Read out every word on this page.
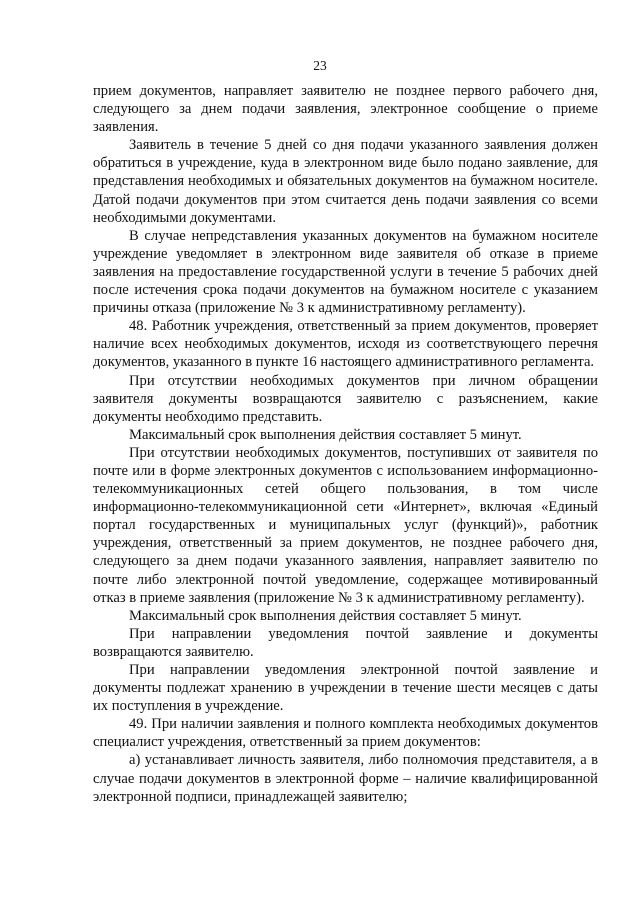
23

прием документов, направляет заявителю не позднее первого рабочего дня, следующего за днем подачи заявления, электронное сообщение о приеме заявления.

Заявитель в течение 5 дней со дня подачи указанного заявления должен обратиться в учреждение, куда в электронном виде было подано заявление, для представления необходимых и обязательных документов на бумажном носителе. Датой подачи документов при этом считается день подачи заявления со всеми необходимыми документами.

В случае непредставления указанных документов на бумажном носителе учреждение уведомляет в электронном виде заявителя об отказе в приеме заявления на предоставление государственной услуги в течение 5 рабочих дней после истечения срока подачи документов на бумажном носителе с указанием причины отказа (приложение № 3 к административному регламенту).

48. Работник учреждения, ответственный за прием документов, проверяет наличие всех необходимых документов, исходя из соответствующего перечня документов, указанного в пункте 16 настоящего административного регламента.

При отсутствии необходимых документов при личном обращении заявителя документы возвращаются заявителю с разъяснением, какие документы необходимо представить.

Максимальный срок выполнения действия составляет 5 минут.

При отсутствии необходимых документов, поступивших от заявителя по почте или в форме электронных документов с использованием информационно-телекоммуникационных сетей общего пользования, в том числе информационно-телекоммуникационной сети «Интернет», включая «Единый портал государственных и муниципальных услуг (функций)», работник учреждения, ответственный за прием документов, не позднее рабочего дня, следующего за днем подачи указанного заявления, направляет заявителю по почте либо электронной почтой уведомление, содержащее мотивированный отказ в приеме заявления (приложение № 3 к административному регламенту).

Максимальный срок выполнения действия составляет 5 минут.

При направлении уведомления почтой заявление и документы возвращаются заявителю.

При направлении уведомления электронной почтой заявление и документы подлежат хранению в учреждении в течение шести месяцев с даты их поступления в учреждение.

49. При наличии заявления и полного комплекта необходимых документов специалист учреждения, ответственный за прием документов:

а) устанавливает личность заявителя, либо полномочия представителя, а в случае подачи документов в электронной форме – наличие квалифицированной электронной подписи, принадлежащей заявителю;
